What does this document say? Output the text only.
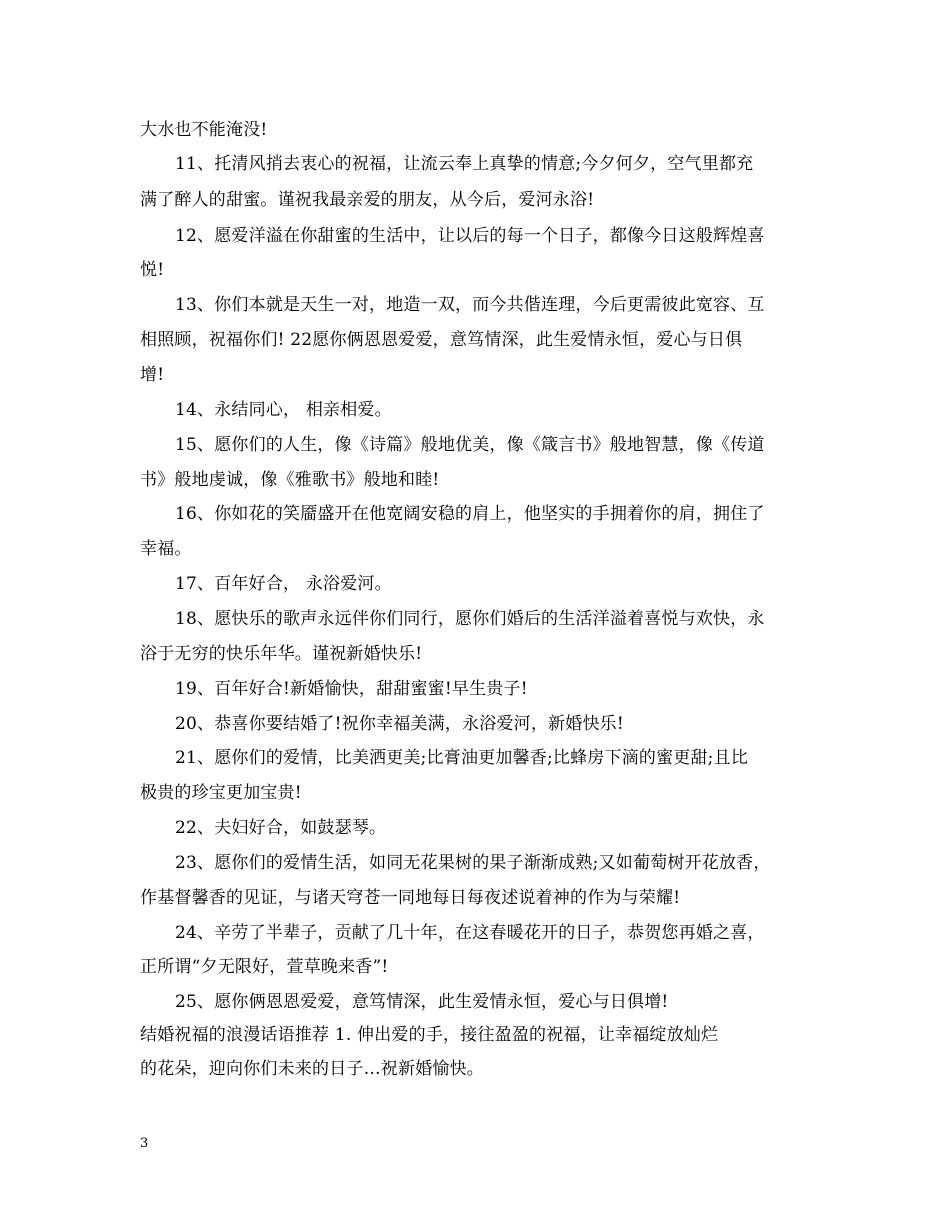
大水也不能淹没!
11、托清风捎去衷心的祝福，让流云奉上真挚的情意;今夕何夕，空气里都充
满了醉人的甜蜜。谨祝我最亲爱的朋友，从今后，爱河永浴!
12、愿爱洋溢在你甜蜜的生活中，让以后的每一个日子，都像今日这般辉煌喜
悦!
13、你们本就是天生一对，地造一双，而今共偕连理，今后更需彼此宽容、互
相照顾，祝福你们! 22愿你俩恩恩爱爱，意笃情深，此生爱情永恒，爱心与日俱
增!
14、永结同心， 相亲相爱。
15、愿你们的人生，像《诗篇》般地优美，像《箴言书》般地智慧，像《传道
书》般地虔诚，像《雅歌书》般地和睦!
16、你如花的笑靥盛开在他宽阔安稳的肩上，他坚实的手拥着你的肩，拥住了
幸福。
17、百年好合， 永浴爱河。
18、愿快乐的歌声永远伴你们同行，愿你们婚后的生活洋溢着喜悦与欢快，永
浴于无穷的快乐年华。谨祝新婚快乐!
19、百年好合!新婚愉快，甜甜蜜蜜!早生贵子!
20、恭喜你要结婚了!祝你幸福美满，永浴爱河，新婚快乐!
21、愿你们的爱情，比美洒更美;比膏油更加馨香;比蜂房下滴的蜜更甜;且比
极贵的珍宝更加宝贵!
22、夫妇好合，如鼓瑟琴。
23、愿你们的爱情生活，如同无花果树的果子渐渐成熟;又如葡萄树开花放香，
作基督馨香的见证，与诸天穹苍一同地每日每夜述说着神的作为与荣耀!
24、辛劳了半辈子，贡献了几十年，在这春暖花开的日子，恭贺您再婚之喜，
正所谓“夕无限好，萱草晚来香”!
25、愿你俩恩恩爱爱，意笃情深，此生爱情永恒，爱心与日俱增!
结婚祝福的浪漫话语推荐 1. 伸出爱的手，接往盈盈的祝福，让幸福绽放灿烂
的花朵，迎向你们未来的日子…祝新婚愉快。
3
